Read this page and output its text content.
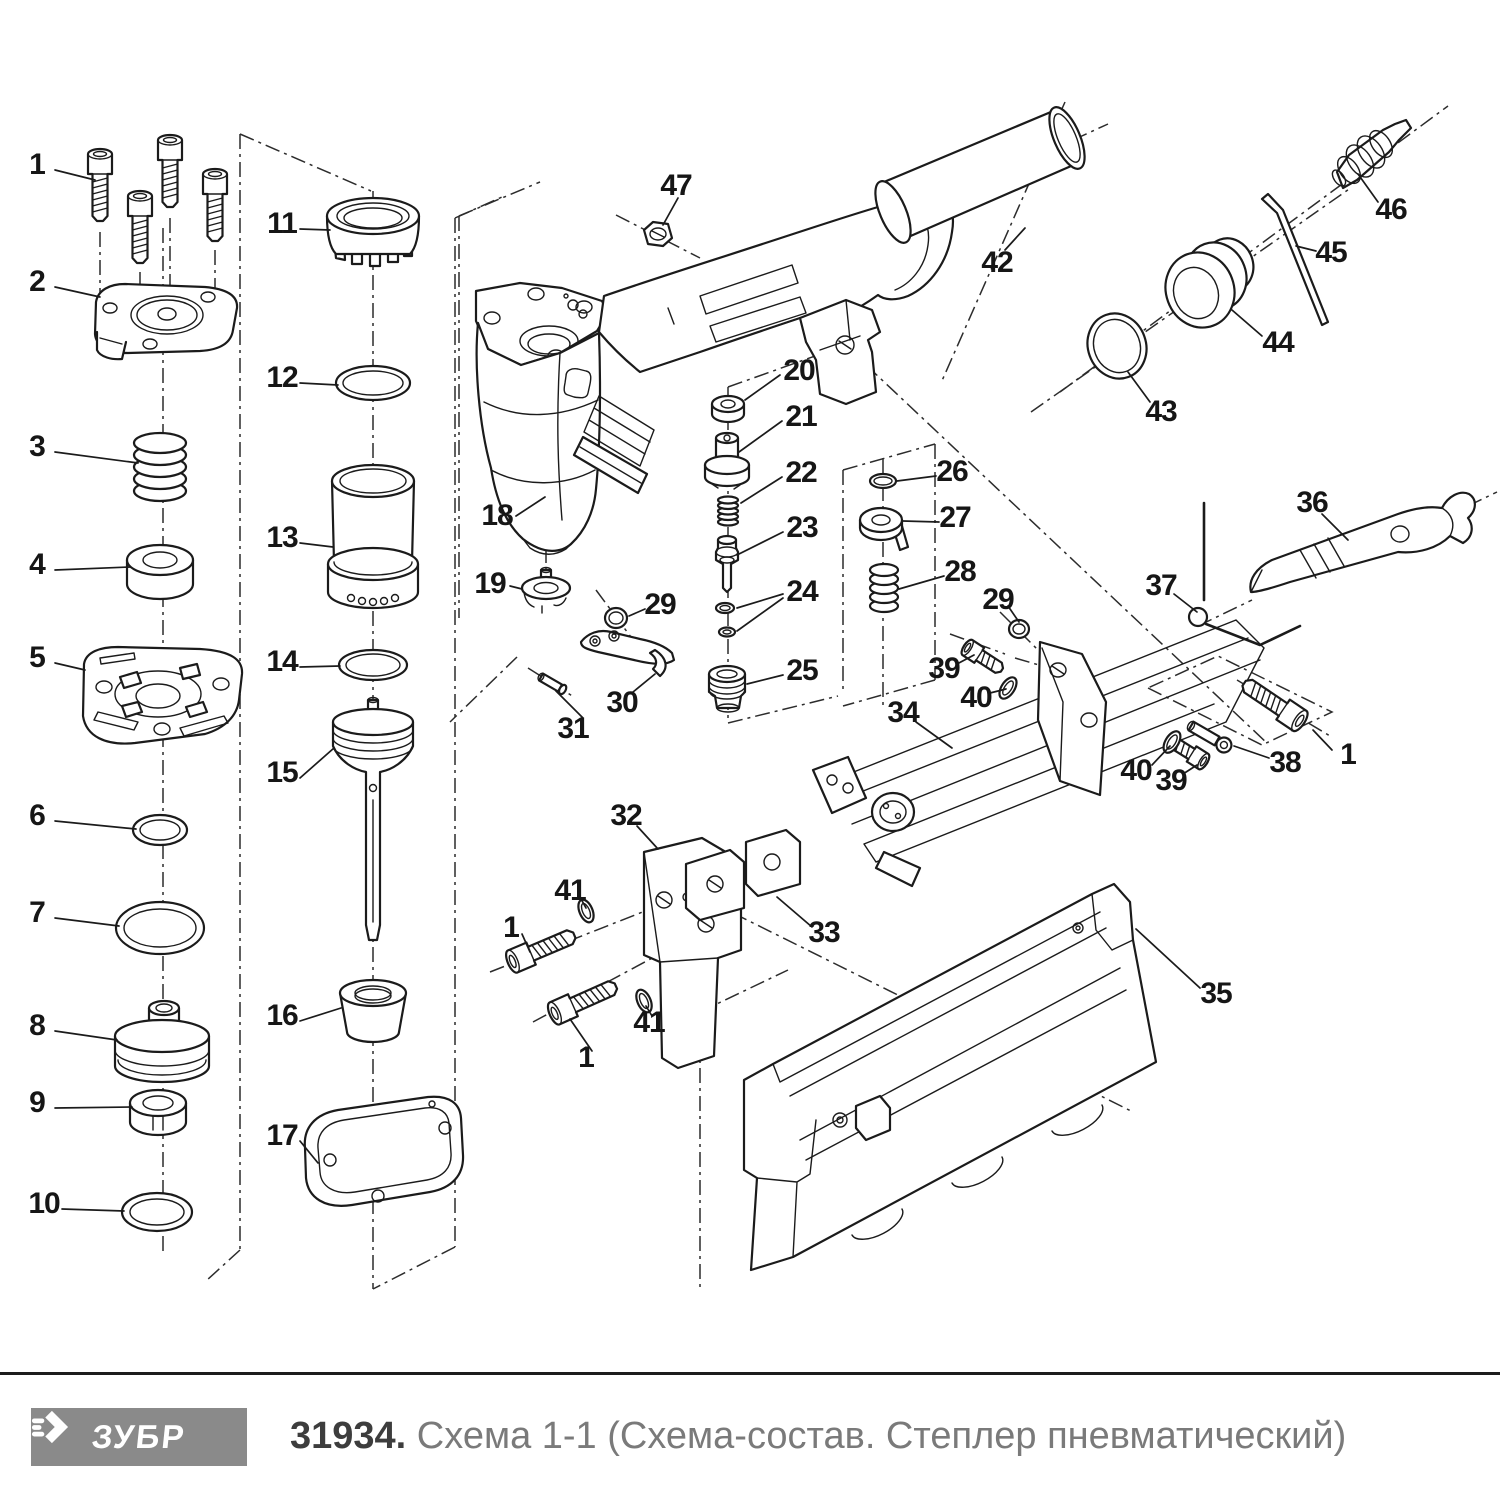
1
2
3
4
5
6
7
8
9
10
11
12
13
14
15
16
17
18
19
47
20
21
22
23
24
25
26
27
28
29
30
31
29
39
40
34
32
33
41
41
1
1
35
36
37
38
39
40	1
42
43
44
45
46
ЗУБР	31934. Схема 1-1 (Схема-состав. Степлер пневматический)
